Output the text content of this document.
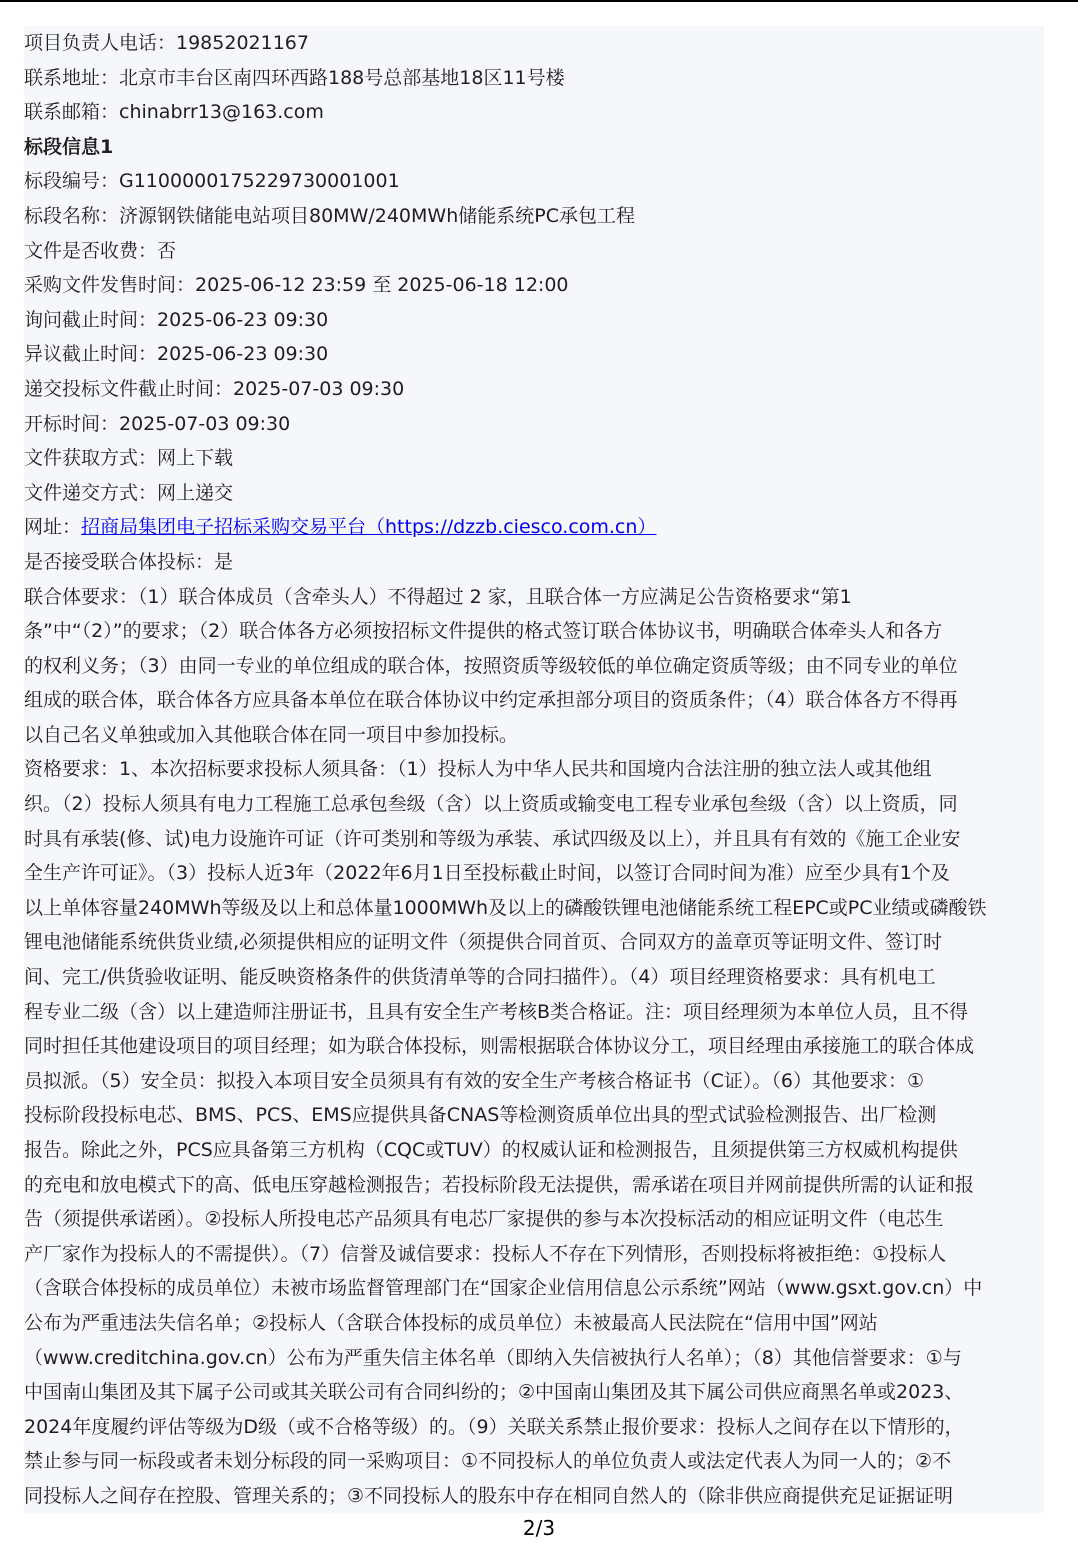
项目负责人电话：19852021167

联系地址：北京市丰台区南四环西路188号总部基地18区11号楼

联系邮箱：chinabrr13@163.com

标段信息1

标段编号：G1100000175229730001001

标段名称：济源钢铁储能电站项目80MW/240MWh储能系统PC承包工程

文件是否收费：否

采购文件发售时间：2025-06-12 23:59 至 2025-06-18 12:00

询问截止时间：2025-06-23 09:30

异议截止时间：2025-06-23 09:30

递交投标文件截止时间：2025-07-03 09:30

开标时间：2025-07-03 09:30

文件获取方式：网上下载

文件递交方式：网上递交

网址：招商局集团电子招标采购交易平台（https://dzzb.ciesco.com.cn）

是否接受联合体投标：是

联合体要求：（1）联合体成员（含牵头人）不得超过 2 家，且联合体一方应满足公告资格要求“第1
条”中“（2）”的要求；（2）联合体各方必须按招标文件提供的格式签订联合体协议书，明确联合体牵头人和各方
的权利义务；（3）由同一专业的单位组成的联合体，按照资质等级较低的单位确定资质等级；由不同专业的单位
组成的联合体，联合体各方应具备本单位在联合体协议中约定承担部分项目的资质条件；（4）联合体各方不得再
以自己名义单独或加入其他联合体在同一项目中参加投标。

资格要求：1、本次招标要求投标人须具备：（1）投标人为中华人民共和国境内合法注册的独立法人或其他组
织。（2）投标人须具有电力工程施工总承包叁级（含）以上资质或输变电工程专业承包叁级（含）以上资质，同
时具有承装(修、试)电力设施许可证（许可类别和等级为承装、承试四级及以上），并且具有有效的《施工企业安
全生产许可证》。（3）投标人近3年（2022年6月1日至投标截止时间，以签订合同时间为准）应至少具有1个及
以上单体容量240MWh等级及以上和总体量1000MWh及以上的磷酸铁锂电池储能系统工程EPC或PC业绩或磷酸铁
锂电池储能系统供货业绩,必须提供相应的证明文件（须提供合同首页、合同双方的盖章页等证明文件、签订时
间、完工/供货验收证明、能反映资格条件的供货清单等的合同扫描件）。（4）项目经理资格要求：具有机电工
程专业二级（含）以上建造师注册证书，且具有安全生产考核B类合格证。注：项目经理须为本单位人员，且不得
同时担任其他建设项目的项目经理；如为联合体投标，则需根据联合体协议分工，项目经理由承接施工的联合体成
员拟派。（5）安全员：拟投入本项目安全员须具有有效的安全生产考核合格证书（C证）。（6）其他要求：①
投标阶段投标电芯、BMS、PCS、EMS应提供具备CNAS等检测资质单位出具的型式试验检测报告、出厂检测
报告。除此之外，PCS应具备第三方机构（CQC或TUV）的权威认证和检测报告，且须提供第三方权威机构提供
的充电和放电模式下的高、低电压穿越检测报告；若投标阶段无法提供，需承诺在项目并网前提供所需的认证和报
告（须提供承诺函）。②投标人所投电芯产品须具有电芯厂家提供的参与本次投标活动的相应证明文件（电芯生
产厂家作为投标人的不需提供）。（7）信誉及诚信要求：投标人不存在下列情形，否则投标将被拒绝：①投标人
（含联合体投标的成员单位）未被市场监督管理部门在“国家企业信用信息公示系统”网站（www.gsxt.gov.cn）中
公布为严重违法失信名单；②投标人（含联合体投标的成员单位）未被最高人民法院在“信用中国”网站
（www.creditchina.gov.cn）公布为严重失信主体名单（即纳入失信被执行人名单）；（8）其他信誉要求：①与
中国南山集团及其下属子公司或其关联公司有合同纠纷的；②中国南山集团及其下属公司供应商黑名单或2023、
2024年度履约评估等级为D级（或不合格等级）的。（9）关联关系禁止报价要求：投标人之间存在以下情形的，
禁止参与同一标段或者未划分标段的同一采购项目：①不同投标人的单位负责人或法定代表人为同一人的；②不
同投标人之间存在控股、管理关系的；③不同投标人的股东中存在相同自然人的（除非供应商提供充足证据证明

2/3
